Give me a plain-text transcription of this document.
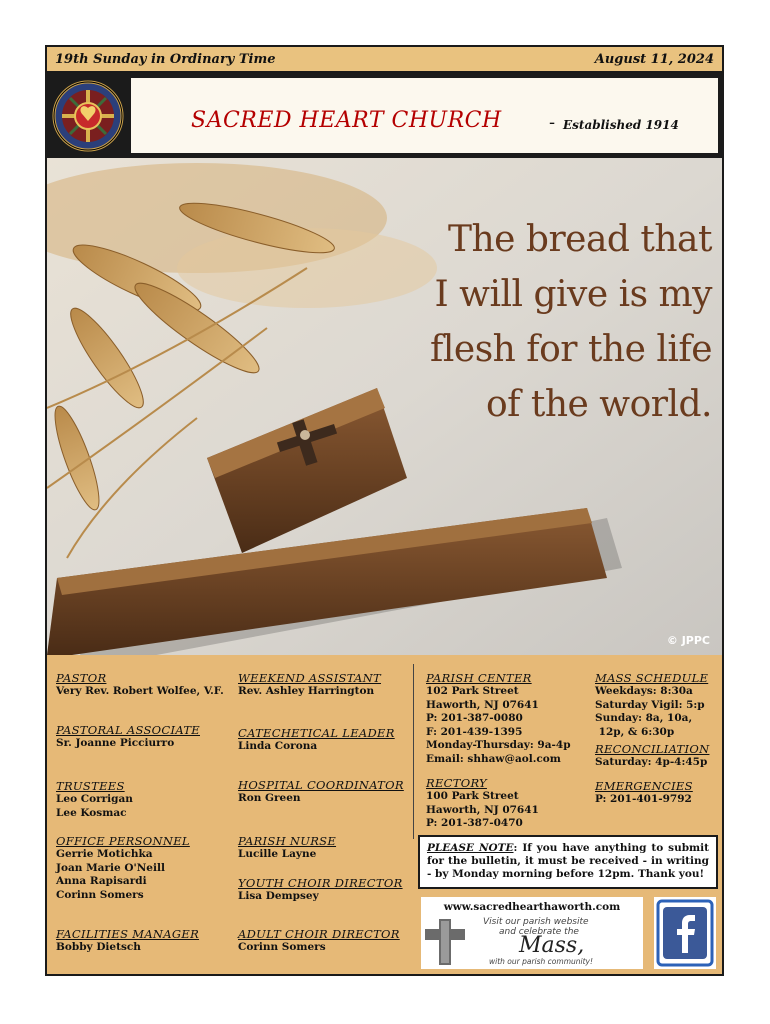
19th Sunday in Ordinary Time	August 11, 2024
SACRED HEART CHURCH	- Established 1914
The bread that
I will give is my
flesh for the life
of the world.
© JPPC
PASTOR
Very Rev. Robert Wolfee, V.F.
PASTORAL ASSOCIATE
Sr. Joanne Picciurro
TRUSTEES
Leo Corrigan
Lee Kosmac
OFFICE PERSONNEL
Gerrie Motichka
Joan Marie O'Neill
Anna Rapisardi
Corinn Somers
FACILITIES MANAGER
Bobby Dietsch
WEEKEND ASSISTANT
Rev. Ashley Harrington
CATECHETICAL LEADER
Linda Corona
HOSPITAL COORDINATOR
Ron Green
PARISH NURSE
Lucille Layne
YOUTH CHOIR DIRECTOR
Lisa Dempsey
ADULT CHOIR DIRECTOR
Corinn Somers
PARISH CENTER
102 Park Street
Haworth, NJ 07641
P: 201-387-0080
F: 201-439-1395
Monday-Thursday: 9a-4p
Email: shhaw@aol.com
RECTORY
100 Park Street
Haworth, NJ 07641
P: 201-387-0470
MASS SCHEDULE
Weekdays: 8:30a
Saturday Vigil: 5:p
Sunday: 8a, 10a,
12p, & 6:30p
RECONCILIATION
Saturday: 4p-4:45p
EMERGENCIES
P: 201-401-9792
PLEASE NOTE: If you have anything to submit for the bulletin, it must be received - in writing - by Monday morning before 12pm. Thank you!
www.sacredhearthaworth.com
Visit our parish website
and celebrate the
Mass,
with our parish community!
